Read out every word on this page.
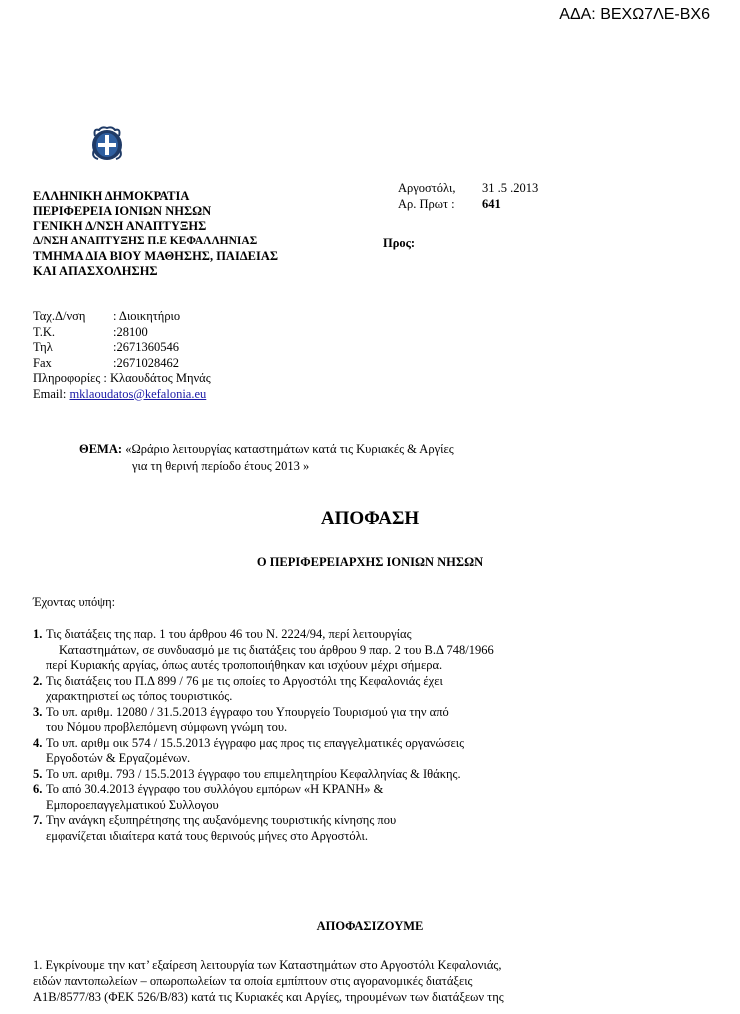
ΑΔΑ: ΒΕΧΩ7ΛΕ-ΒΧ6
ΕΛΛΗΝΙΚΗ ΔΗΜΟΚΡΑΤΙΑ
ΠΕΡΙΦΕΡΕΙΑ ΙΟΝΙΩΝ ΝΗΣΩΝ
ΓΕΝΙΚΗ Δ/ΝΣΗ ΑΝΑΠΤΥΞΗΣ
Δ/ΝΣΗ ΑΝΑΠΤΥΞΗΣ Π.Ε ΚΕΦΑΛΛΗΝΙΑΣ
ΤΜΗΜΑ ΔΙΑ ΒΙΟΥ ΜΑΘΗΣΗΣ, ΠΑΙΔΕΙΑΣ
ΚΑΙ ΑΠΑΣΧΟΛΗΣΗΣ
Αργοστόλι, 31 .5 .2013
Αρ. Πρωτ : 641
Προς:
Ταχ.Δ/νση : Διοικητήριο
Τ.Κ.	:28100
Τηλ	:2671360546
Fax	:2671028462
Πληροφορίες : Κλαουδάτος Μηνάς
Email: mklaoudatos@kefalonia.eu
ΘΕΜΑ: «Ωράριο λειτουργίας καταστημάτων κατά τις Κυριακές & Αργίες
για τη θερινή περίοδο έτους 2013 »
ΑΠΟΦΑΣΗ
Ο ΠΕΡΙΦΕΡΕΙΑΡΧΗΣ ΙΟΝΙΩΝ ΝΗΣΩΝ
Έχοντας υπόψη:
1. Τις διατάξεις της παρ. 1 του άρθρου 46 του Ν. 2224/94, περί λειτουργίας
Καταστημάτων, σε συνδυασμό με τις διατάξεις του άρθρου 9 παρ. 2 του Β.Δ 748/1966
περί Κυριακής αργίας, όπως αυτές τροποποιήθηκαν και ισχύουν μέχρι σήμερα.
2. Τις διατάξεις του Π.Δ 899 / 76 με τις οποίες το Αργοστόλι της Κεφαλονιάς έχει
χαρακτηριστεί ως τόπος τουριστικός.
3. Το υπ. αριθμ. 12080 / 31.5.2013 έγγραφο του Υπουργείο Τουρισμού για την από
του Νόμου προβλεπόμενη σύμφωνη γνώμη του.
4. Το υπ. αριθμ οικ 574 / 15.5.2013 έγγραφο μας προς τις επαγγελματικές οργανώσεις
Εργοδοτών & Εργαζομένων.
5. Το υπ. αριθμ. 793 / 15.5.2013 έγγραφο του επιμελητηρίου Κεφαλληνίας & Ιθάκης.
6. Το από 30.4.2013 έγγραφο του συλλόγου εμπόρων «Η ΚΡΑΝΗ» &
Εμποροεπαγγελματικού Συλλογου
7. Την ανάγκη εξυπηρέτησης της αυξανόμενης τουριστικής κίνησης που
εμφανίζεται ιδιαίτερα κατά τους θερινούς μήνες στο Αργοστόλι.
ΑΠΟΦΑΣΙΖΟΥΜΕ
1. Εγκρίνουμε την κατ’ εξαίρεση λειτουργία των Καταστημάτων στο Αργοστόλι Κεφαλονιάς,
ειδών παντοπωλείων – οπωροπωλείων τα οποία εμπίπτουν στις αγορανομικές διατάξεις
Α1Β/8577/83 (ΦΕΚ 526/Β/83) κατά τις Κυριακές και Αργίες, τηρουμένων των διατάξεων της
